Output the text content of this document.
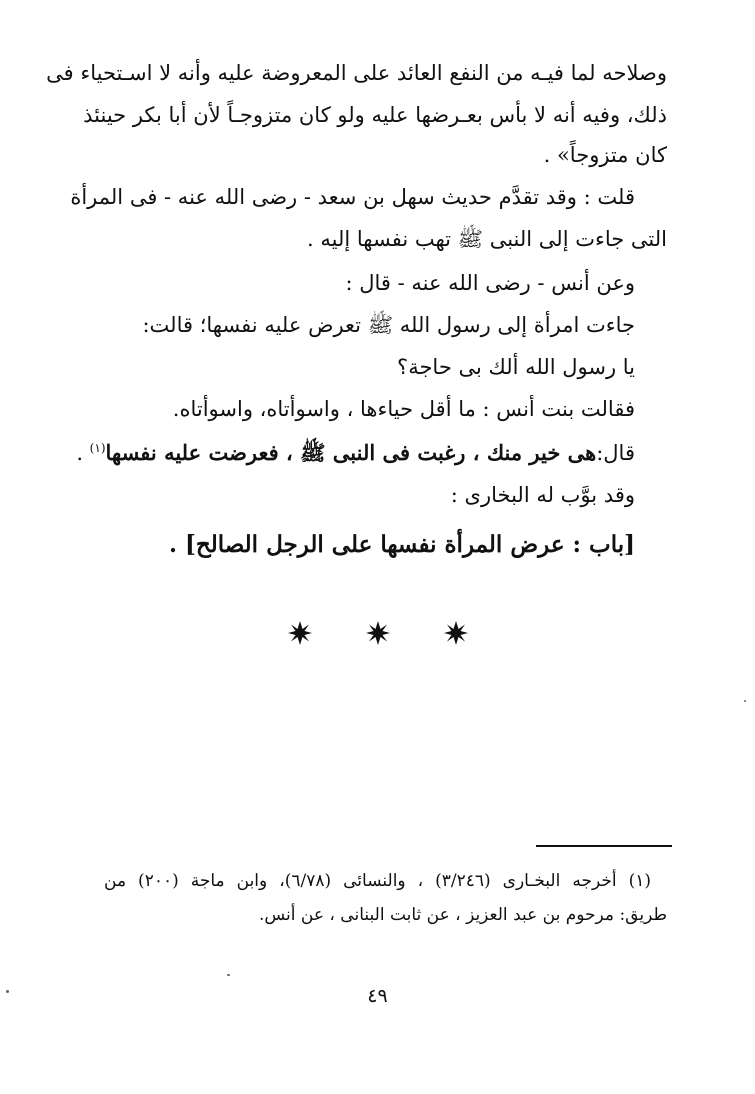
وصلاحه لما فيـه من النفع العائد على المعروضة عليه وأنه لا اسـتحياء فى
ذلك، وفيه أنه لا بأس بعـرضها عليه ولو كان متزوجـاً لأن أبا بكر حينئذ
كان متزوجاً» .
قلت : وقد تقدَّم حديث سهل بن سعد - رضى الله عنه - فى المرأة
التى جاءت إلى النبى ﷺ تهب نفسها إليه .
وعن أنس - رضى الله عنه - قال :
جاءت امرأة إلى رسول الله ﷺ تعرض عليه نفسها؛ قالت:
يا رسول الله ألك بى حاجة؟
فقالت بنت أنس : ما أقل حياءها ، واسوأتاه، واسوأتاه.
قال:هى خير منك ، رغبت فى النبى ﷺ ، فعرضت عليه نفسها$^{(١)}$ .
وقد بوَّب له البخارى :
[باب : عرض المرأة نفسها على الرجل الصالح] .
(١) أخرجه البخـارى (٣/٢٤٦) ، والنسائى (٦/٧٨)، وابن ماجة (٢٠٠) من
طريق: مرحوم بن عبد العزيز ، عن ثابت البنانى ، عن أنس.
٤٩
